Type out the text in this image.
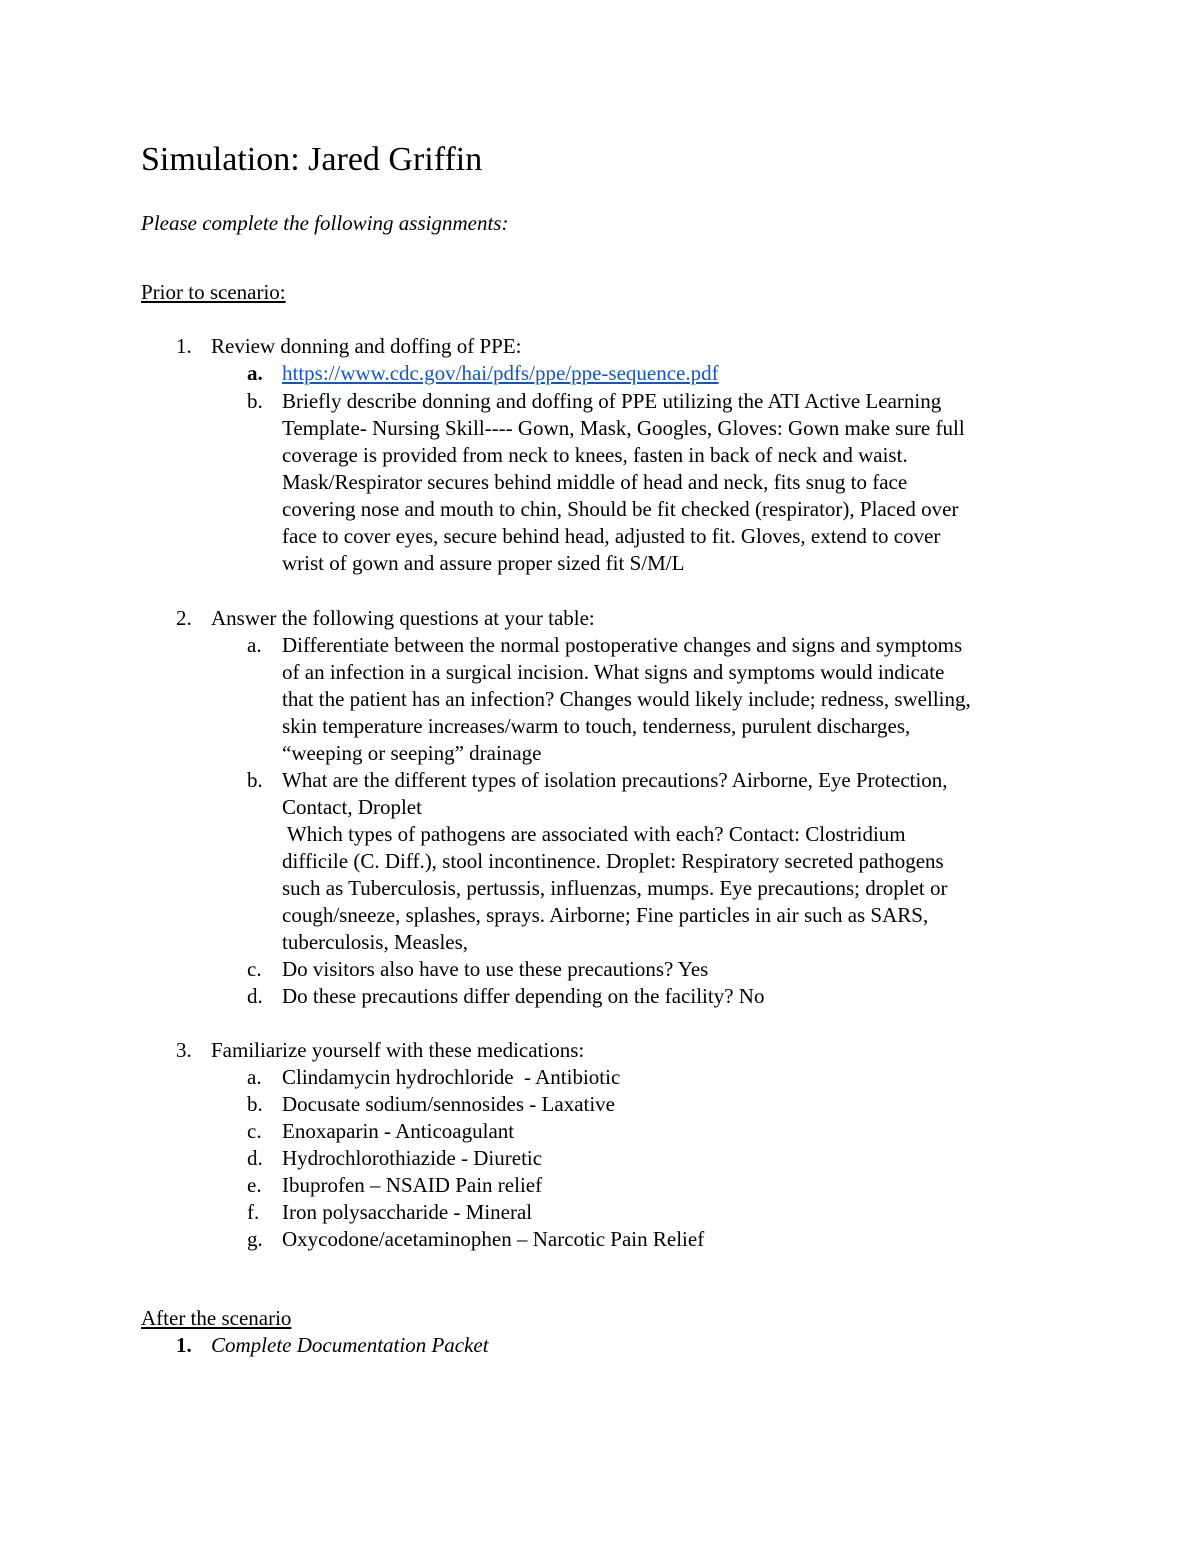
Simulation: Jared Griffin
Please complete the following assignments:
Prior to scenario:
1. Review donning and doffing of PPE:
a. https://www.cdc.gov/hai/pdfs/ppe/ppe-sequence.pdf
b. Briefly describe donning and doffing of PPE utilizing the ATI Active Learning
Template- Nursing Skill---- Gown, Mask, Googles, Gloves: Gown make sure full
coverage is provided from neck to knees, fasten in back of neck and waist.
Mask/Respirator secures behind middle of head and neck, fits snug to face
covering nose and mouth to chin, Should be fit checked (respirator), Placed over
face to cover eyes, secure behind head, adjusted to fit. Gloves, extend to cover
wrist of gown and assure proper sized fit S/M/L
2. Answer the following questions at your table:
a. Differentiate between the normal postoperative changes and signs and symptoms
of an infection in a surgical incision. What signs and symptoms would indicate
that the patient has an infection? Changes would likely include; redness, swelling,
skin temperature increases/warm to touch, tenderness, purulent discharges,
“weeping or seeping” drainage
b. What are the different types of isolation precautions? Airborne, Eye Protection,
Contact, Droplet
Which types of pathogens are associated with each? Contact: Clostridium
difficile (C. Diff.), stool incontinence. Droplet: Respiratory secreted pathogens
such as Tuberculosis, pertussis, influenzas, mumps. Eye precautions; droplet or
cough/sneeze, splashes, sprays. Airborne; Fine particles in air such as SARS,
tuberculosis, Measles,
c. Do visitors also have to use these precautions? Yes
d. Do these precautions differ depending on the facility? No
3. Familiarize yourself with these medications:
a. Clindamycin hydrochloride  - Antibiotic
b. Docusate sodium/sennosides - Laxative
c. Enoxaparin - Anticoagulant
d. Hydrochlorothiazide - Diuretic
e. Ibuprofen – NSAID Pain relief
f. Iron polysaccharide - Mineral
g. Oxycodone/acetaminophen – Narcotic Pain Relief
After the scenario
1. Complete Documentation Packet
